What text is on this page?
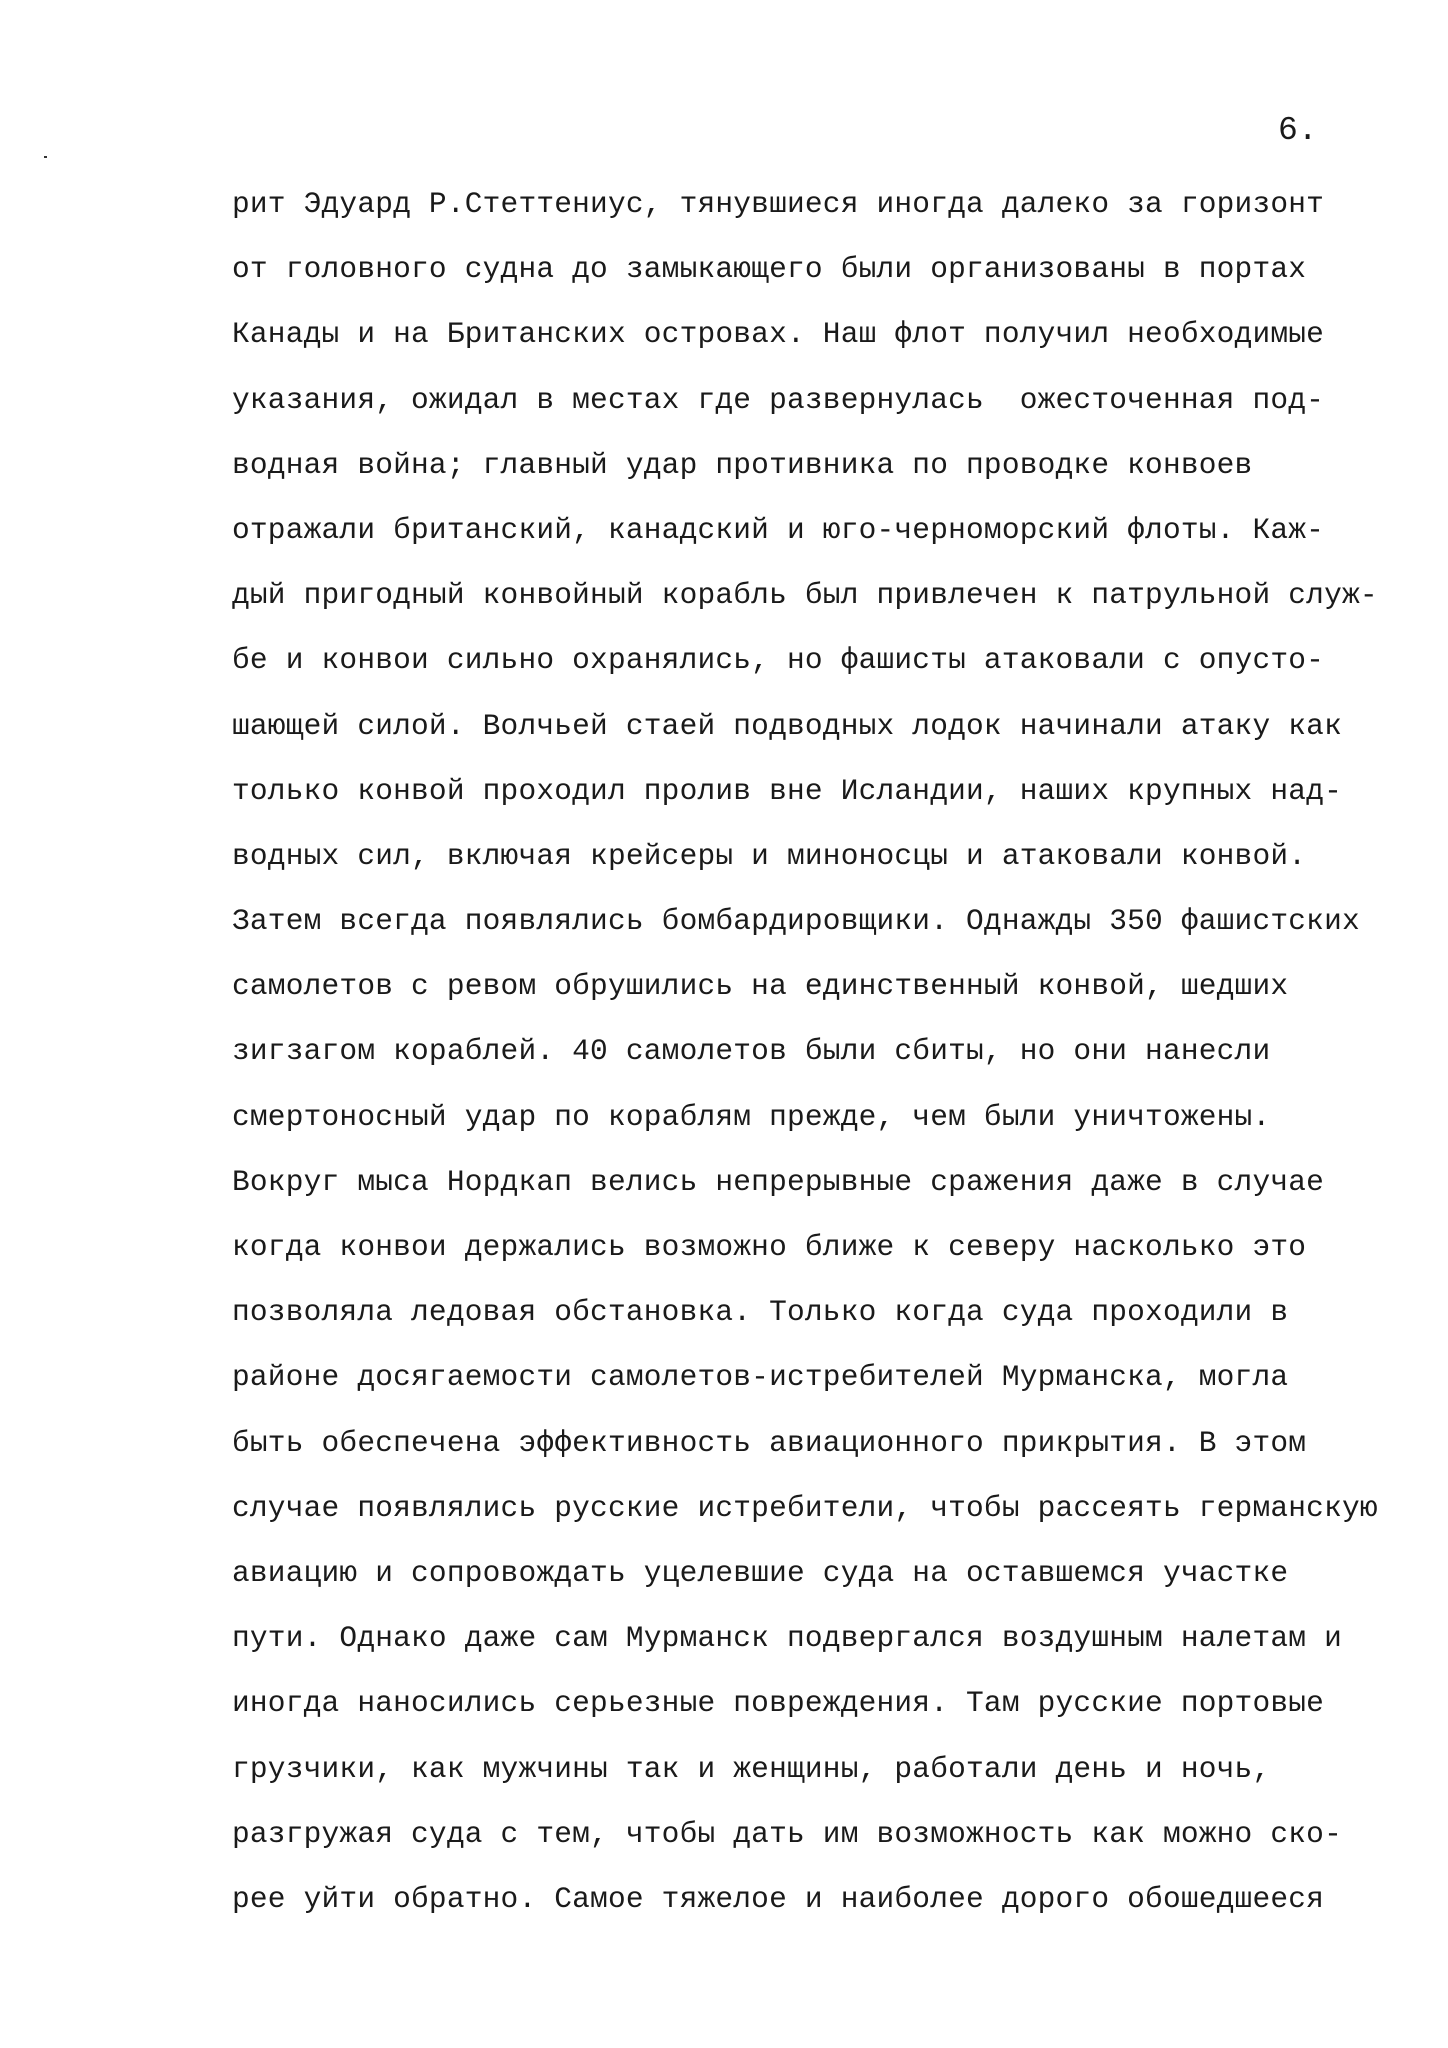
6.
рит Эдуард Р.Стеттениус, тянувшиеся иногда далеко за горизонт
от головного судна до замыкающего были организованы в портах
Канады и на Британских островах. Наш флот получил необходимые
указания, ожидал в местах где развернулась  ожесточенная под-
водная война; главный удар противника по проводке конвоев
отражали британский, канадский и юго-черноморский флоты. Каж-
дый пригодный конвойный корабль был привлечен к патрульной служ-
бе и конвои сильно охранялись, но фашисты атаковали с опусто-
шающей силой. Волчьей стаей подводных лодок начинали атаку как
только конвой проходил пролив вне Исландии, наших крупных над-
водных сил, включая крейсеры и миноносцы и атаковали конвой.
Затем всегда появлялись бомбардировщики. Однажды 350 фашистских
самолетов с ревом обрушились на единственный конвой, шедших
зигзагом кораблей. 40 самолетов были сбиты, но они нанесли
смертоносный удар по кораблям прежде, чем были уничтожены.
Вокруг мыса Нордкап велись непрерывные сражения даже в случае
когда конвои держались возможно ближе к северу насколько это
позволяла ледовая обстановка. Только когда суда проходили в
районе досягаемости самолетов-истребителей Мурманска, могла
быть обеспечена эффективность авиационного прикрытия. В этом
случае появлялись русские истребители, чтобы рассеять германскую
авиацию и сопровождать уцелевшие суда на оставшемся участке
пути. Однако даже сам Мурманск подвергался воздушным налетам и
иногда наносились серьезные повреждения. Там русские портовые
грузчики, как мужчины так и женщины, работали день и ночь,
разгружая суда с тем, чтобы дать им возможность как можно ско-
рее уйти обратно. Самое тяжелое и наиболее дорого обошедшееся
